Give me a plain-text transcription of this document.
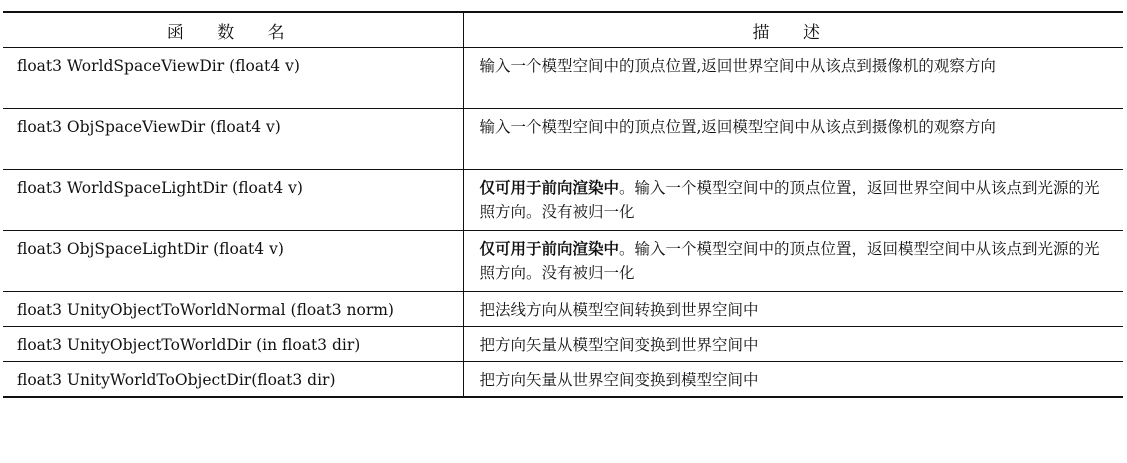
函 数 名	描 述
float3 WorldSpaceViewDir (float4 v)	输入一个模型空间中的顶点位置,返回世界空间中从该点到摄像机的观察方向
float3 ObjSpaceViewDir (float4 v)	输入一个模型空间中的顶点位置,返回模型空间中从该点到摄像机的观察方向
float3 WorldSpaceLightDir (float4 v)	仅可用于前向渲染中。输入一个模型空间中的顶点位置，返回世界空间中从该点到光源的光照方向。没有被归一化
float3 ObjSpaceLightDir (float4 v)	仅可用于前向渲染中。输入一个模型空间中的顶点位置，返回模型空间中从该点到光源的光照方向。没有被归一化
float3 UnityObjectToWorldNormal (float3 norm)	把法线方向从模型空间转换到世界空间中
float3 UnityObjectToWorldDir (in float3 dir)	把方向矢量从模型空间变换到世界空间中
float3 UnityWorldToObjectDir(float3 dir)	把方向矢量从世界空间变换到模型空间中
